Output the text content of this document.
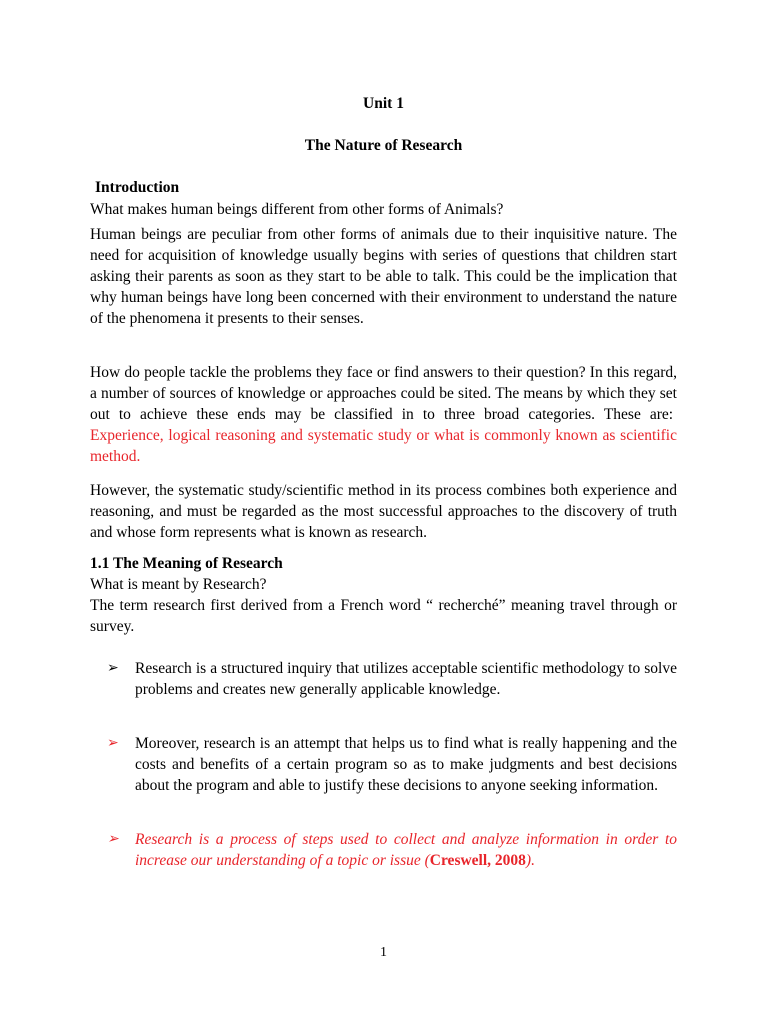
Unit 1
The Nature of Research
Introduction

What makes human beings different from other forms of Animals?

Human beings are peculiar from other forms of animals due to their inquisitive nature. The need for acquisition of knowledge usually begins with series of questions that children start asking their parents as soon as they start to be able to talk. This could be the implication that why human beings have long been concerned with their environment to understand the nature of the phenomena it presents to their senses.

How do people tackle the problems they face or find answers to their question? In this regard, a number of sources of knowledge or approaches could be sited. The means by which they set out to achieve these ends may be classified in to three broad categories. These are:  Experience, logical reasoning and systematic study or what is commonly known as scientific method.

However, the systematic study/scientific method in its process combines both experience and reasoning, and must be regarded as the most successful approaches to the discovery of truth and whose form represents what is known as research.

1.1 The Meaning of Research

What is meant by Research?

The term research first derived from a French word “ recherché” meaning travel through or survey.

➢ Research is a structured inquiry that utilizes acceptable scientific methodology to solve problems and creates new generally applicable knowledge.

➢ Moreover, research is an attempt that helps us to find what is really happening and the costs and benefits of a certain program so as to make judgments and best decisions about the program and able to justify these decisions to anyone seeking information.

➢ Research is a process of steps used to collect and analyze information in order to increase our understanding of a topic or issue (Creswell, 2008).

1
